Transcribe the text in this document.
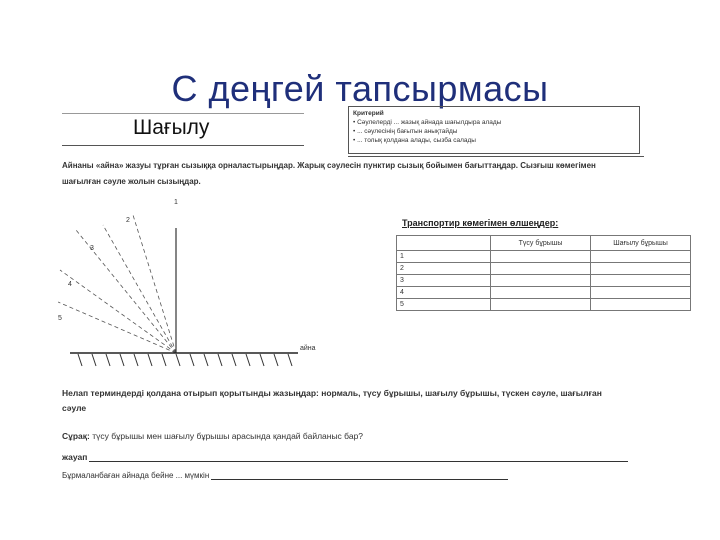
С деңгей тапсырмасы
Шағылу
Критерий
• Сәулелерді ... жазық айнада шағылдыра алады
• ... сәулесінің бағытын анықтайды
• ... толық қолдана алады, сызба салады
Айнаны «айна» жазуы тұрған сызыққа орналастырыңдар. Жарық сәулесін пунктир сызық бойымен бағыттаңдар. Сызғыш көмегімен шағылған сәуле жолын сызыңдар.
1
2
3
4
5
айна
Транспортир көмегімен өлшеңдер:
	Түсу бұрышы	Шағылу бұрышы
1		
2		
3		
4		
5		
Нелап терминдерді қолдана отырып қорытынды жазыңдар: нормаль, түсу бұрышы, шағылу бұрышы, түскен сәуле, шағылған
сәуле
Сұрақ: түсу бұрышы мен шағылу бұрышы арасында қандай байланыс бар?
жауап
Бұрмаланбаған айнада бейне ... мүмкін
